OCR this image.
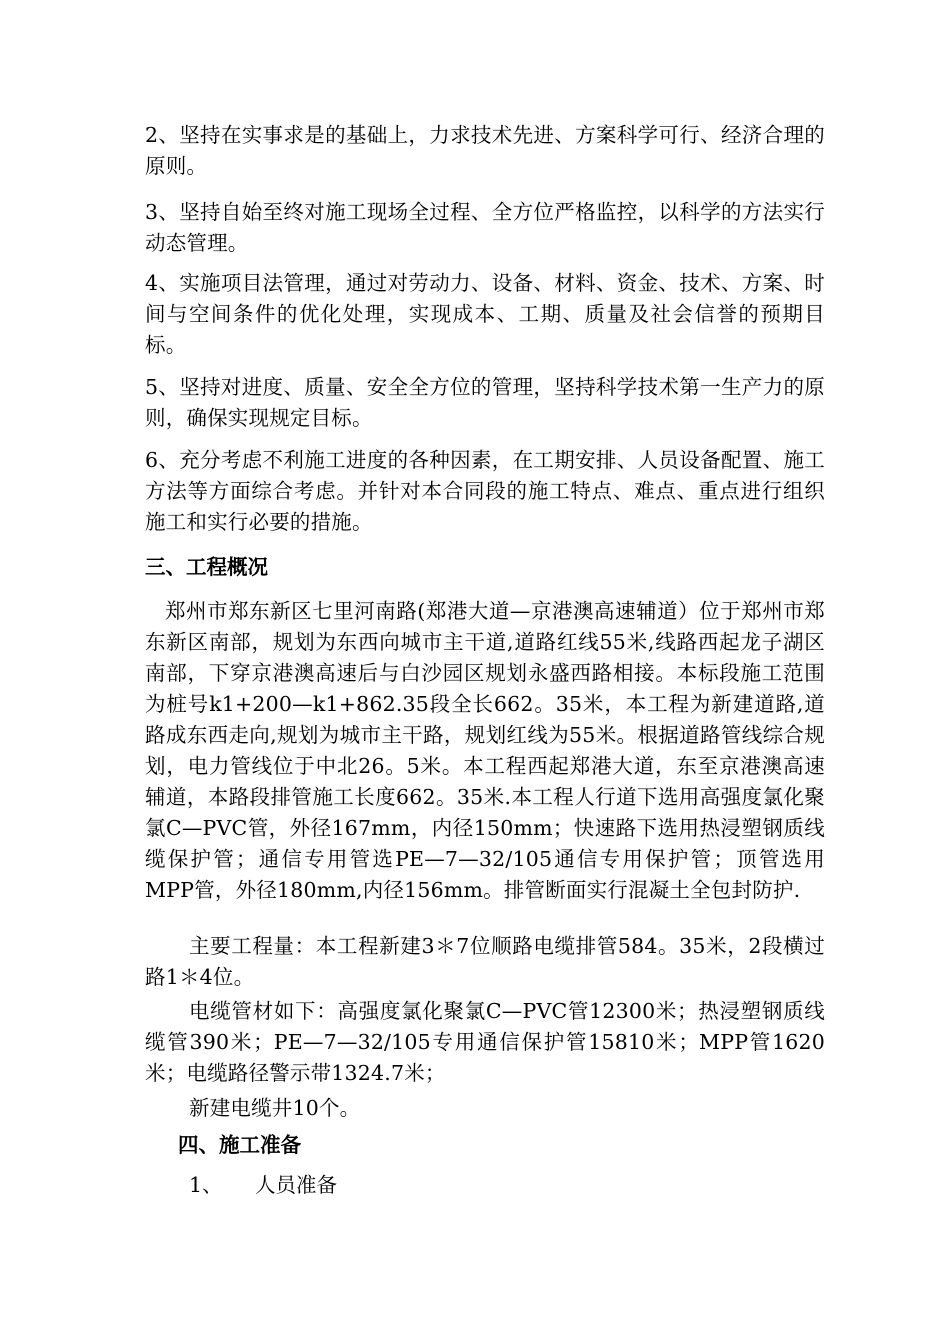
2、坚持在实事求是的基础上，力求技术先进、方案科学可行、经济合理的原则。

3、坚持自始至终对施工现场全过程、全方位严格监控，以科学的方法实行动态管理。

4、实施项目法管理，通过对劳动力、设备、材料、资金、技术、方案、时间与空间条件的优化处理，实现成本、工期、质量及社会信誉的预期目标。

5、坚持对进度、质量、安全全方位的管理，坚持科学技术第一生产力的原则，确保实现规定目标。

6、充分考虑不利施工进度的各种因素，在工期安排、人员设备配置、施工方法等方面综合考虑。并针对本合同段的施工特点、难点、重点进行组织施工和实行必要的措施。

三、工程概况

郑州市郑东新区七里河南路(郑港大道—京港澳高速辅道）位于郑州市郑东新区南部，规划为东西向城市主干道,道路红线55米,线路西起龙子湖区南部，下穿京港澳高速后与白沙园区规划永盛西路相接。本标段施工范围为桩号k1+200—k1+862.35段全长662。35米，本工程为新建道路,道路成东西走向,规划为城市主干路，规划红线为55米。根据道路管线综合规划，电力管线位于中北26。5米。本工程西起郑港大道，东至京港澳高速辅道，本路段排管施工长度662。35米.本工程人行道下选用高强度氯化聚氯C—PVC管，外径167mm，内径150mm；快速路下选用热浸塑钢质线缆保护管；通信专用管选PE—7—32/105通信专用保护管；顶管选用MPP管，外径180mm,内径156mm。排管断面实行混凝土全包封防护.

主要工程量：本工程新建3＊7位顺路电缆排管584。35米，2段横过路1＊4位。

电缆管材如下：高强度氯化聚氯C—PVC管12300米；热浸塑钢质线缆管390米；PE—7—32/105专用通信保护管15810米；MPP管1620米；电缆路径警示带1324.7米；

新建电缆井10个。

四、施工准备

1、 人员准备
